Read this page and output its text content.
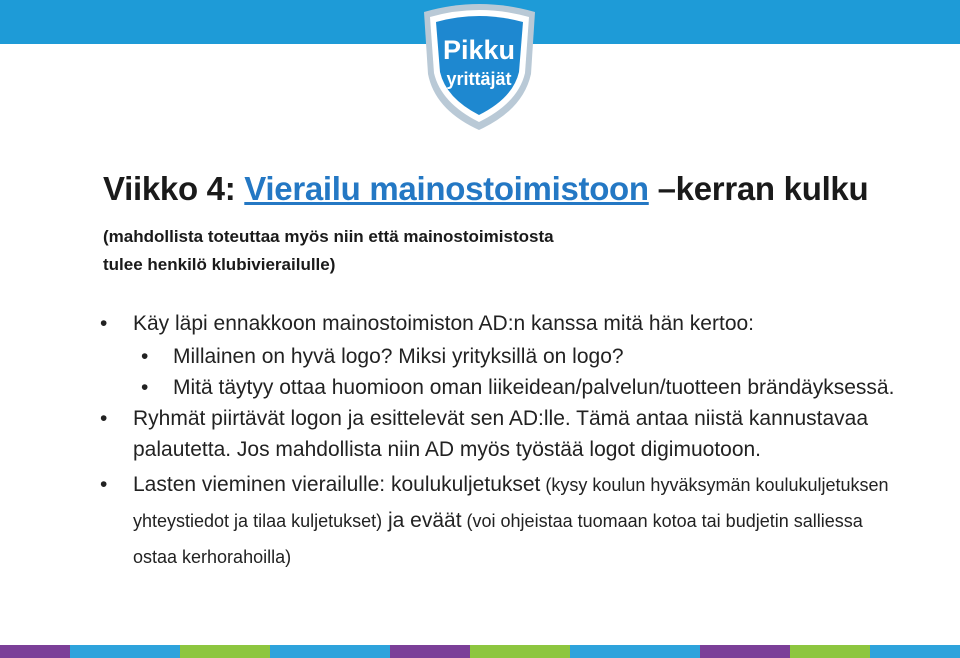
Pikku
yrittäjät
Viikko 4: Vierailu mainostoimistoon –kerran kulku (mahdollista toteuttaa myös niin että mainostoimistosta
tulee henkilö klubivierailulle)
• Käy läpi ennakkoon mainostoimiston AD:n kanssa mitä hän kertoo:
• Millainen on hyvä logo? Miksi yrityksillä on logo?
• Mitä täytyy ottaa huomioon oman liikeidean/palvelun/tuotteen brändäyksessä.
• Ryhmät piirtävät logon ja esittelevät sen AD:lle. Tämä antaa niistä kannustavaa palautetta. Jos mahdollista niin AD myös työstää logot digimuotoon.
• Lasten vieminen vierailulle: koulukuljetukset (kysy koulun hyväksymän koulukuljetuksen yhteystiedot ja tilaa kuljetukset) ja eväät (voi ohjeistaa tuomaan kotoa tai budjetin salliessa ostaa kerhorahoilla)
